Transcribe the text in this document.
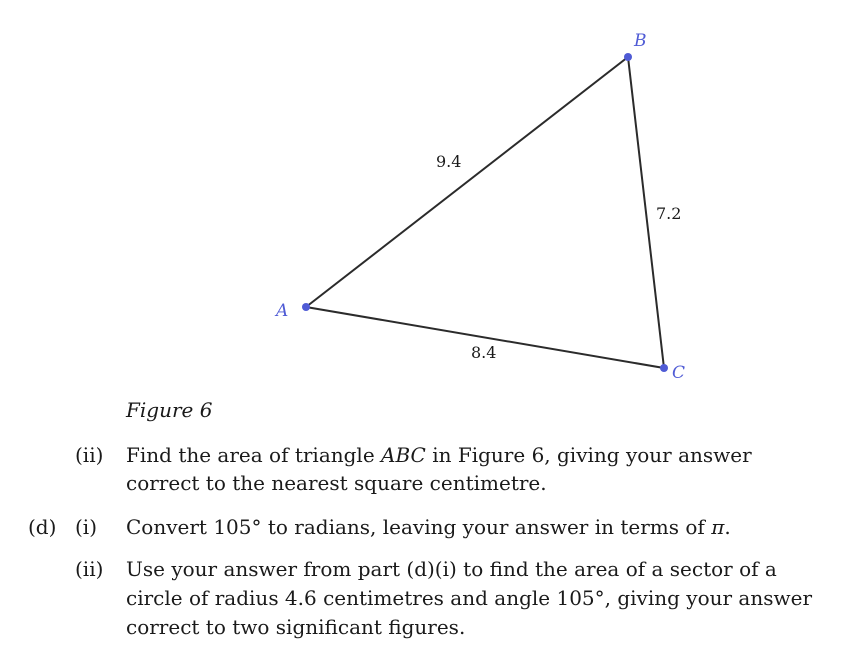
A
B
C
9.4
7.2
8.4
Figure 6
(ii) Find the area of triangle ABC in Figure 6, giving your answer
correct to the nearest square centimetre.
(d) (i) Convert 105° to radians, leaving your answer in terms of π.
(ii) Use your answer from part (d)(i) to find the area of a sector of a
circle of radius 4.6 centimetres and angle 105°, giving your answer
correct to two significant figures.
